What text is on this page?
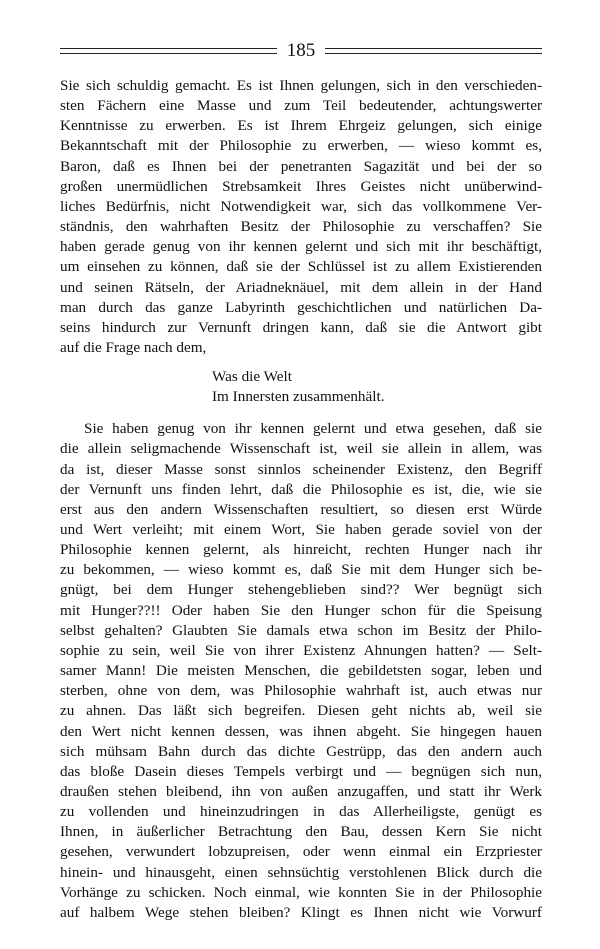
185

Sie sich schuldig gemacht. Es ist Ihnen gelungen, sich in den verschieden-
sten Fächern eine Masse und zum Teil bedeutender, achtungswerter
Kenntnisse zu erwerben. Es ist Ihrem Ehrgeiz gelungen, sich einige
Bekanntschaft mit der Philosophie zu erwerben, — wieso kommt es,
Baron, daß es Ihnen bei der penetranten Sagazität und bei der so
großen unermüdlichen Strebsamkeit Ihres Geistes nicht unüberwind-
liches Bedürfnis, nicht Notwendigkeit war, sich das vollkommene Ver-
ständnis, den wahrhaften Besitz der Philosophie zu verschaffen? Sie
haben gerade genug von ihr kennen gelernt und sich mit ihr beschäftigt,
um einsehen zu können, daß sie der Schlüssel ist zu allem Existierenden
und seinen Rätseln, der Ariadneknäuel, mit dem allein in der Hand
man durch das ganze Labyrinth geschichtlichen und natürlichen Da-
seins hindurch zur Vernunft dringen kann, daß sie die Antwort gibt
auf die Frage nach dem,

Was die Welt
Im Innersten zusammenhält.

Sie haben genug von ihr kennen gelernt und etwa gesehen, daß sie
die allein seligmachende Wissenschaft ist, weil sie allein in allem, was
da ist, dieser Masse sonst sinnlos scheinender Existenz, den Begriff
der Vernunft uns finden lehrt, daß die Philosophie es ist, die, wie sie
erst aus den andern Wissenschaften resultiert, so diesen erst Würde
und Wert verleiht; mit einem Wort, Sie haben gerade soviel von der
Philosophie kennen gelernt, als hinreicht, rechten Hunger nach ihr
zu bekommen, — wieso kommt es, daß Sie mit dem Hunger sich be-
gnügt, bei dem Hunger stehengeblieben sind?? Wer begnügt sich
mit Hunger??!! Oder haben Sie den Hunger schon für die Speisung
selbst gehalten? Glaubten Sie damals etwa schon im Besitz der Philo-
sophie zu sein, weil Sie von ihrer Existenz Ahnungen hatten? — Selt-
samer Mann! Die meisten Menschen, die gebildetsten sogar, leben und
sterben, ohne von dem, was Philosophie wahrhaft ist, auch etwas nur
zu ahnen. Das läßt sich begreifen. Diesen geht nichts ab, weil sie
den Wert nicht kennen dessen, was ihnen abgeht. Sie hingegen hauen
sich mühsam Bahn durch das dichte Gestrüpp, das den andern auch
das bloße Dasein dieses Tempels verbirgt und — begnügen sich nun,
draußen stehen bleibend, ihn von außen anzugaffen, und statt ihr Werk
zu vollenden und hineinzudringen in das Allerheiligste, genügt es
Ihnen, in äußerlicher Betrachtung den Bau, dessen Kern Sie nicht
gesehen, verwundert lobzupreisen, oder wenn einmal ein Erzpriester
hinein- und hinausgeht, einen sehnsüchtig verstohlenen Blick durch die
Vorhänge zu schicken. Noch einmal, wie konnten Sie in der Philosophie
auf halbem Wege stehen bleiben? Klingt es Ihnen nicht wie Vorwurf
